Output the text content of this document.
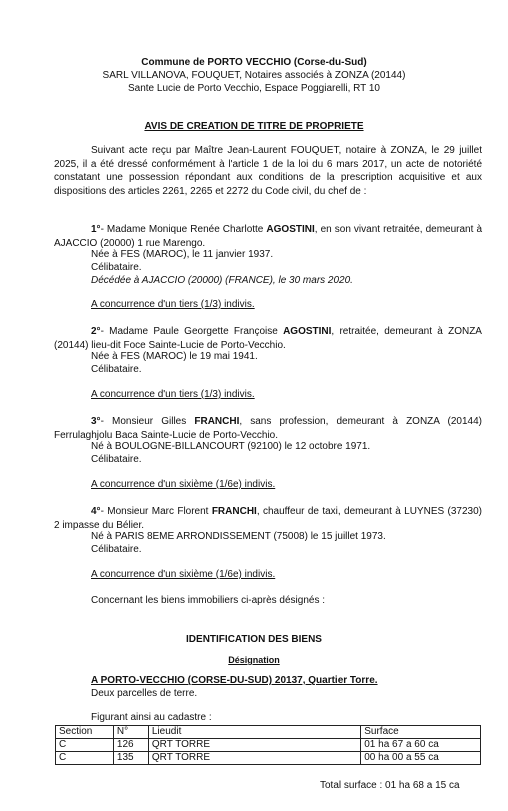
Commune de PORTO VECCHIO (Corse-du-Sud)
SARL VILLANOVA, FOUQUET, Notaires associés à ZONZA (20144)
Sante Lucie de Porto Vecchio, Espace Poggiarelli, RT 10
AVIS DE CREATION DE TITRE DE PROPRIETE
Suivant acte reçu par Maître Jean-Laurent FOUQUET, notaire à ZONZA, le 29 juillet 2025, il a été dressé conformément à l'article 1 de la loi du 6 mars 2017, un acte de notoriété constatant une possession répondant aux conditions de la prescription acquisitive et aux dispositions des articles 2261, 2265 et 2272 du Code civil, du chef de :
1°- Madame Monique Renée Charlotte AGOSTINI, en son vivant retraitée, demeurant à AJACCIO (20000) 1 rue Marengo.
Née à FES (MAROC), le 11 janvier 1937.
Célibataire.
Décédée à AJACCIO (20000) (FRANCE), le 30 mars 2020.
A concurrence d'un tiers (1/3) indivis.
2°- Madame Paule Georgette Françoise AGOSTINI, retraitée, demeurant à ZONZA (20144) lieu-dit Foce Sainte-Lucie de Porto-Vecchio.
Née à FES (MAROC) le 19 mai 1941.
Célibataire.
A concurrence d'un tiers (1/3) indivis.
3°- Monsieur Gilles FRANCHI, sans profession, demeurant à ZONZA (20144) Ferrulaghjolu Baca Sainte-Lucie de Porto-Vecchio.
Né à BOULOGNE-BILLANCOURT (92100) le 12 octobre 1971.
Célibataire.
A concurrence d'un sixième (1/6e) indivis.
4°- Monsieur Marc Florent FRANCHI, chauffeur de taxi, demeurant à LUYNES (37230) 2 impasse du Bélier.
Né à PARIS 8EME ARRONDISSEMENT (75008) le 15 juillet 1973.
Célibataire.
A concurrence d'un sixième (1/6e) indivis.
Concernant les biens immobiliers ci-après désignés :
IDENTIFICATION DES BIENS
Désignation
A PORTO-VECCHIO (CORSE-DU-SUD) 20137, Quartier Torre.
Deux parcelles de terre.
Figurant ainsi au cadastre :
Section	N°	Lieudit	Surface
C	126	QRT TORRE	01 ha 67 a 60 ca
C	135	QRT TORRE	00 ha 00 a 55 ca
Total surface : 01 ha 68 a 15 ca
